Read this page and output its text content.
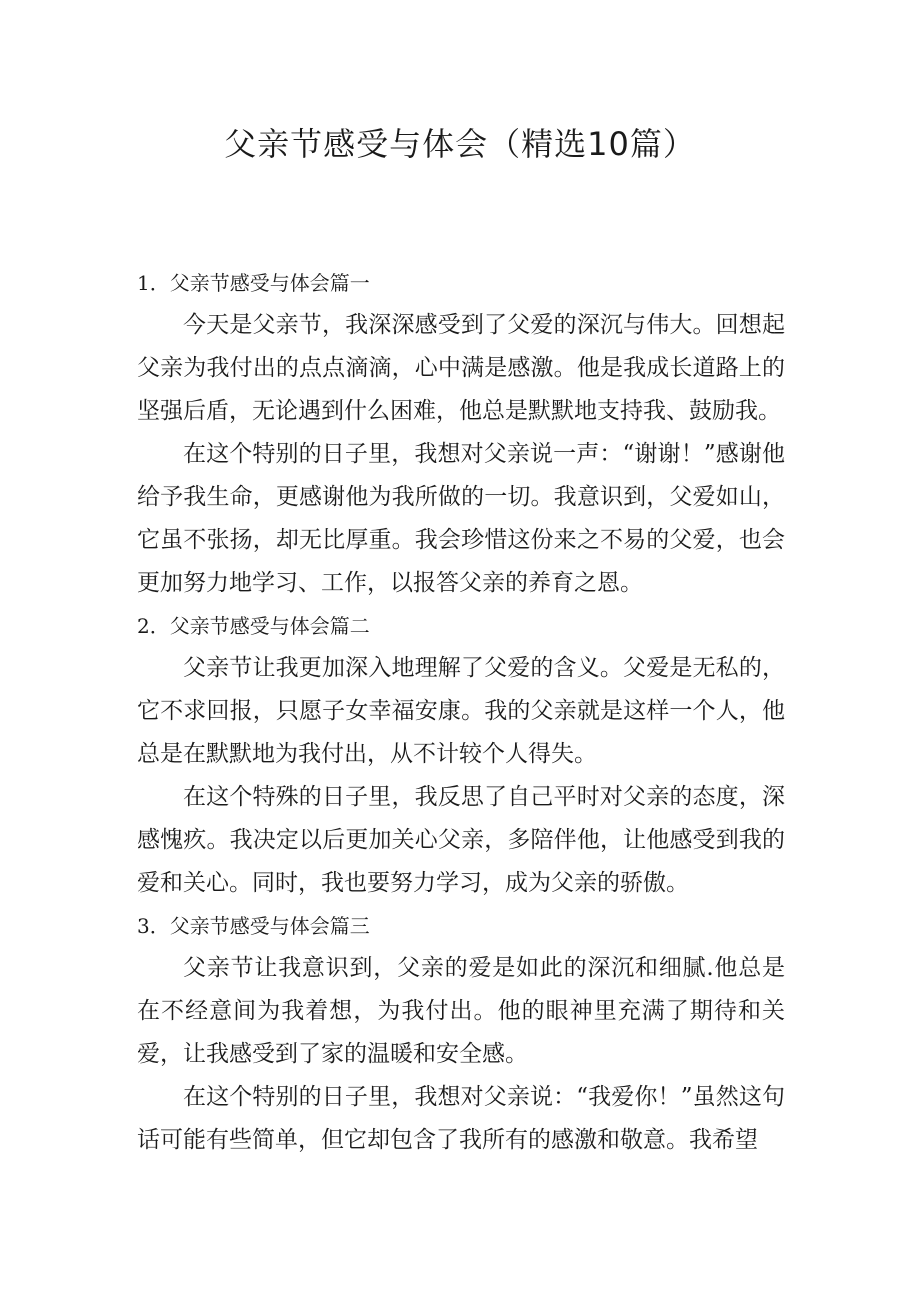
父亲节感受与体会（精选10篇）
1．父亲节感受与体会篇一

今天是父亲节，我深深感受到了父爱的深沉与伟大。回想起父亲为我付出的点点滴滴，心中满是感激。他是我成长道路上的坚强后盾，无论遇到什么困难，他总是默默地支持我、鼓励我。

在这个特别的日子里，我想对父亲说一声：“谢谢！”感谢他给予我生命，更感谢他为我所做的一切。我意识到，父爱如山，它虽不张扬，却无比厚重。我会珍惜这份来之不易的父爱，也会更加努力地学习、工作，以报答父亲的养育之恩。

2．父亲节感受与体会篇二

父亲节让我更加深入地理解了父爱的含义。父爱是无私的，它不求回报，只愿子女幸福安康。我的父亲就是这样一个人，他总是在默默地为我付出，从不计较个人得失。

在这个特殊的日子里，我反思了自己平时对父亲的态度，深感愧疚。我决定以后更加关心父亲，多陪伴他，让他感受到我的爱和关心。同时，我也要努力学习，成为父亲的骄傲。

3．父亲节感受与体会篇三

父亲节让我意识到，父亲的爱是如此的深沉和细腻.他总是在不经意间为我着想，为我付出。他的眼神里充满了期待和关爱，让我感受到了家的温暖和安全感。

在这个特别的日子里，我想对父亲说：“我爱你！”虽然这句话可能有些简单，但它却包含了我所有的感激和敬意。我希望
